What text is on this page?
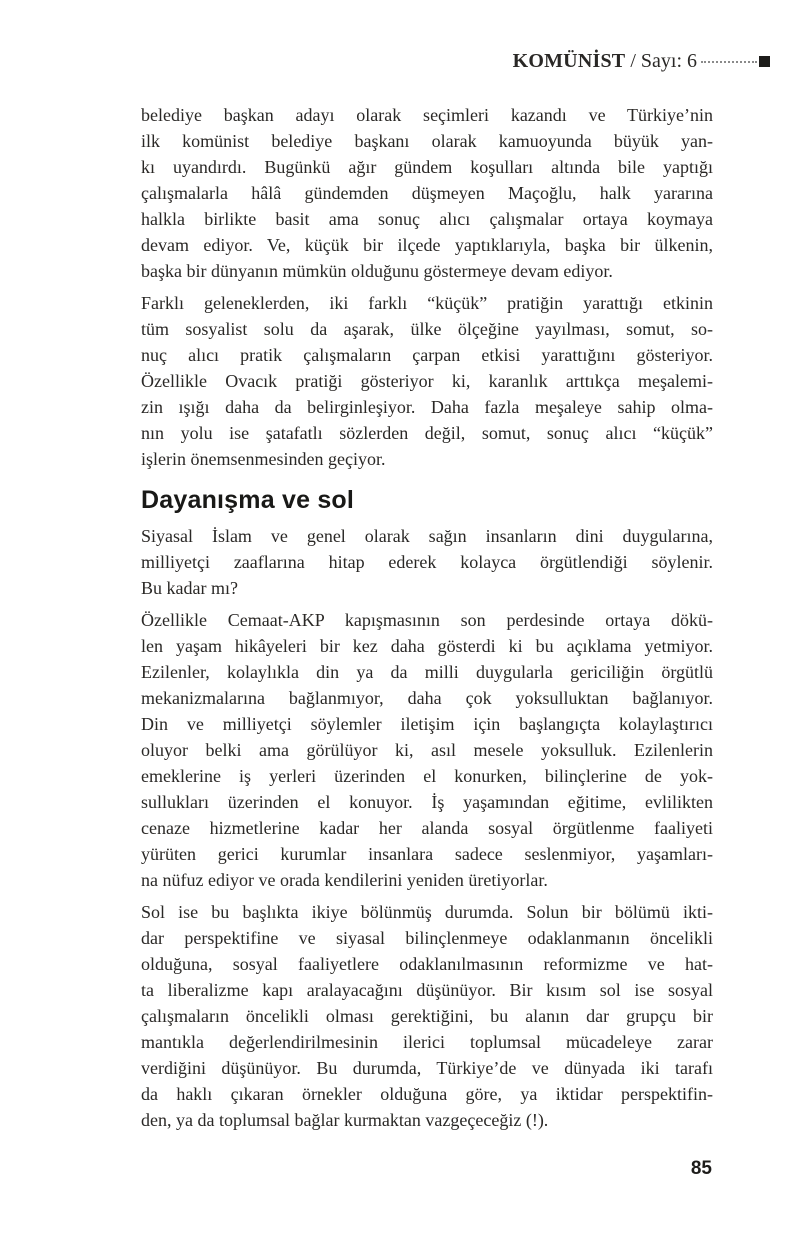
KOMÜNİST / Sayı: 6
belediye başkan adayı olarak seçimleri kazandı ve Türkiye’nin
ilk komünist belediye başkanı olarak kamuoyunda büyük yan-
kı uyandırdı. Bugünkü ağır gündem koşulları altında bile yaptığı
çalışmalarla hâlâ gündemden düşmeyen Maçoğlu, halk yararına
halkla birlikte basit ama sonuç alıcı çalışmalar ortaya koymaya
devam ediyor. Ve, küçük bir ilçede yaptıklarıyla, başka bir ülkenin,
başka bir dünyanın mümkün olduğunu göstermeye devam ediyor.
Farklı geleneklerden, iki farklı “küçük” pratiğin yarattığı etkinin
tüm sosyalist solu da aşarak, ülke ölçeğine yayılması, somut, so-
nuç alıcı pratik çalışmaların çarpan etkisi yarattığını gösteriyor.
Özellikle Ovacık pratiği gösteriyor ki, karanlık arttıkça meşalemi-
zin ışığı daha da belirginleşiyor. Daha fazla meşaleye sahip olma-
nın yolu ise şatafatlı sözlerden değil, somut, sonuç alıcı “küçük”
işlerin önemsenmesinden geçiyor.
Dayanışma ve sol
Siyasal İslam ve genel olarak sağın insanların dini duygularına,
milliyetçi zaaflarına hitap ederek kolayca örgütlendiği söylenir.
Bu kadar mı?
Özellikle Cemaat-AKP kapışmasının son perdesinde ortaya dökü-
len yaşam hikâyeleri bir kez daha gösterdi ki bu açıklama yetmiyor.
Ezilenler, kolaylıkla din ya da milli duygularla gericiliğin örgütlü
mekanizmalarına bağlanmıyor, daha çok yoksulluktan bağlanıyor.
Din ve milliyetçi söylemler iletişim için başlangıçta kolaylaştırıcı
oluyor belki ama görülüyor ki, asıl mesele yoksulluk. Ezilenlerin
emeklerine iş yerleri üzerinden el konurken, bilinçlerine de yok-
sullukları üzerinden el konuyor. İş yaşamından eğitime, evlilikten
cenaze hizmetlerine kadar her alanda sosyal örgütlenme faaliyeti
yürüten gerici kurumlar insanlara sadece seslenmiyor, yaşamları-
na nüfuz ediyor ve orada kendilerini yeniden üretiyorlar.
Sol ise bu başlıkta ikiye bölünmüş durumda. Solun bir bölümü ikti-
dar perspektifine ve siyasal bilinçlenmeye odaklanmanın öncelikli
olduğuna, sosyal faaliyetlere odaklanılmasının reformizme ve hat-
ta liberalizme kapı aralayacağını düşünüyor. Bir kısım sol ise sosyal
çalışmaların öncelikli olması gerektiğini, bu alanın dar grupçu bir
mantıkla değerlendirilmesinin ilerici toplumsal mücadeleye zarar
verdiğini düşünüyor. Bu durumda, Türkiye’de ve dünyada iki tarafı
da haklı çıkaran örnekler olduğuna göre, ya iktidar perspektifin-
den, ya da toplumsal bağlar kurmaktan vazgeçeceğiz (!).
85
